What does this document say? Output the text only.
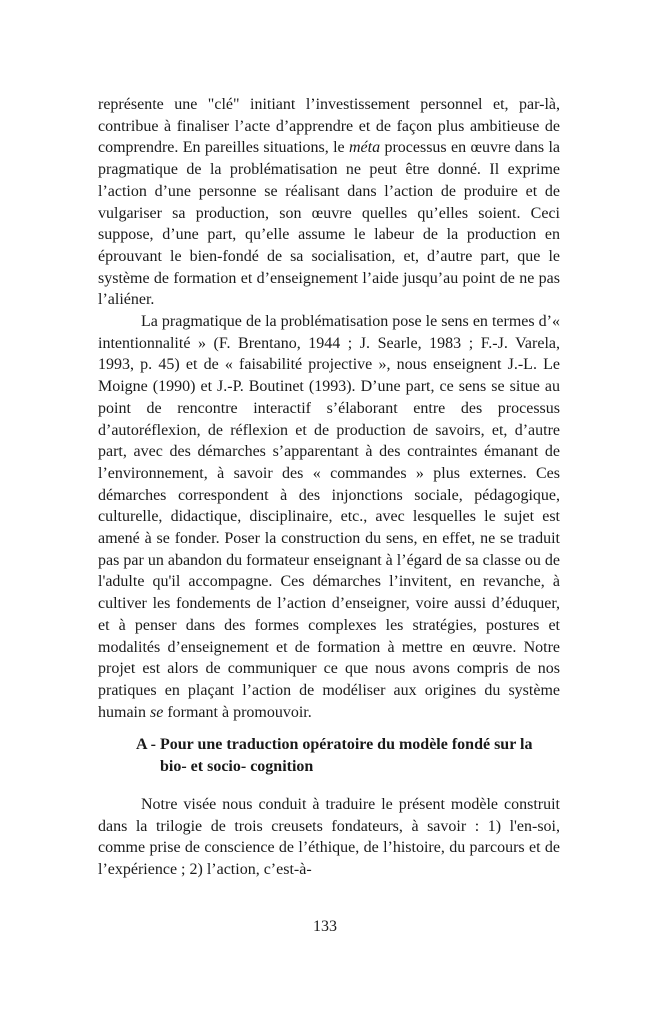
représente une "clé" initiant l’investissement personnel et, par-là, contribue à finaliser l’acte d’apprendre et de façon plus ambitieuse de comprendre. En pareilles situations, le méta processus en œuvre dans la pragmatique de la problématisation ne peut être donné. Il exprime l’action d’une personne se réalisant dans l’action de produire et de vulgariser sa production, son œuvre quelles qu’elles soient. Ceci suppose, d’une part, qu’elle assume le labeur de la production en éprouvant le bien-fondé de sa socialisation, et, d’autre part, que le système de formation et d’enseignement l’aide jusqu’au point de ne pas l’aliéner.

La pragmatique de la problématisation pose le sens en termes d’« intentionnalité » (F. Brentano, 1944 ; J. Searle, 1983 ; F.-J. Varela, 1993, p. 45) et de « faisabilité projective », nous enseignent J.-L. Le Moigne (1990) et J.-P. Boutinet (1993). D’une part, ce sens se situe au point de rencontre interactif s’élaborant entre des processus d’autoréflexion, de réflexion et de production de savoirs, et, d’autre part, avec des démarches s’apparentant à des contraintes émanant de l’environnement, à savoir des « commandes » plus externes. Ces démarches correspondent à des injonctions sociale, pédagogique, culturelle, didactique, disciplinaire, etc., avec lesquelles le sujet est amené à se fonder. Poser la construction du sens, en effet, ne se traduit pas par un abandon du formateur enseignant à l’égard de sa classe ou de l'adulte qu'il accompagne. Ces démarches l’invitent, en revanche, à cultiver les fondements de l’action d’enseigner, voire aussi d’éduquer, et à penser dans des formes complexes les stratégies, postures et modalités d’enseignement et de formation à mettre en œuvre. Notre projet est alors de communiquer ce que nous avons compris de nos pratiques en plaçant l’action de modéliser aux origines du système humain se formant à promouvoir.

A - Pour une traduction opératoire du modèle fondé sur la bio- et socio- cognition

Notre visée nous conduit à traduire le présent modèle construit dans la trilogie de trois creusets fondateurs, à savoir : 1) l'en-soi, comme prise de conscience de l’éthique, de l’histoire, du parcours et de l’expérience ; 2) l’action, c’est-à-

133
